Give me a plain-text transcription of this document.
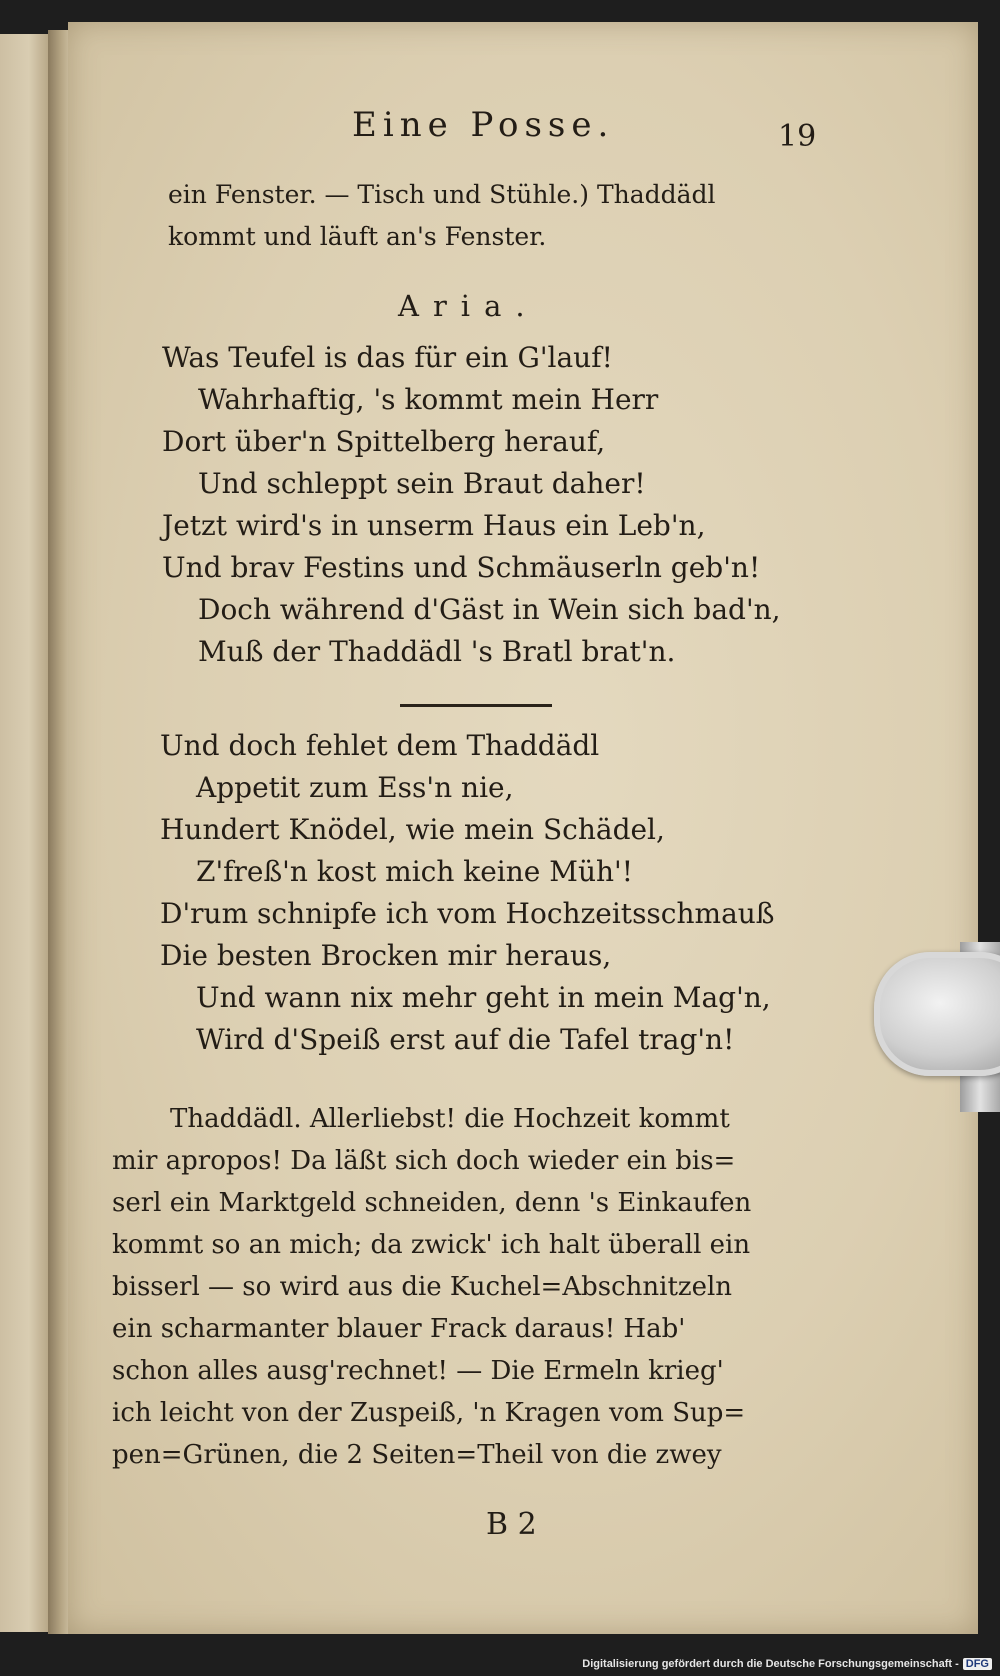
Eine Posse.	19
ein Fenster. — Tisch und Stühle.) Thaddädl
kommt und läuft an's Fenster.
Aria.
Was Teufel is das für ein G'lauf!
Wahrhaftig, 's kommt mein Herr
Dort über'n Spittelberg herauf,
Und schleppt sein Braut daher!
Jetzt wird's in unserm Haus ein Leb'n,
Und brav Festins und Schmäuserln geb'n!
Doch während d'Gäst in Wein sich bad'n,
Muß der Thaddädl 's Bratl brat'n.
Und doch fehlet dem Thaddädl
Appetit zum Ess'n nie,
Hundert Knödel, wie mein Schädel,
Z'freß'n kost mich keine Müh'!
D'rum schnipfe ich vom Hochzeitsschmauß
Die besten Brocken mir heraus,
Und wann nix mehr geht in mein Mag'n,
Wird d'Speiß erst auf die Tafel trag'n!
Thaddädl. Allerliebst! die Hochzeit kommt
mir apropos! Da läßt sich doch wieder ein bis=
serl ein Marktgeld schneiden, denn 's Einkaufen
kommt so an mich; da zwick' ich halt überall ein
bisserl — so wird aus die Kuchel=Abschnitzeln
ein scharmanter blauer Frack daraus! Hab'
schon alles ausg'rechnet! — Die Ermeln krieg'
ich leicht von der Zuspeiß, 'n Kragen vom Sup=
pen=Grünen, die 2 Seiten=Theil von die zwey
B 2
Digitalisierung gefördert durch die Deutsche Forschungsgemeinschaft - DFG
